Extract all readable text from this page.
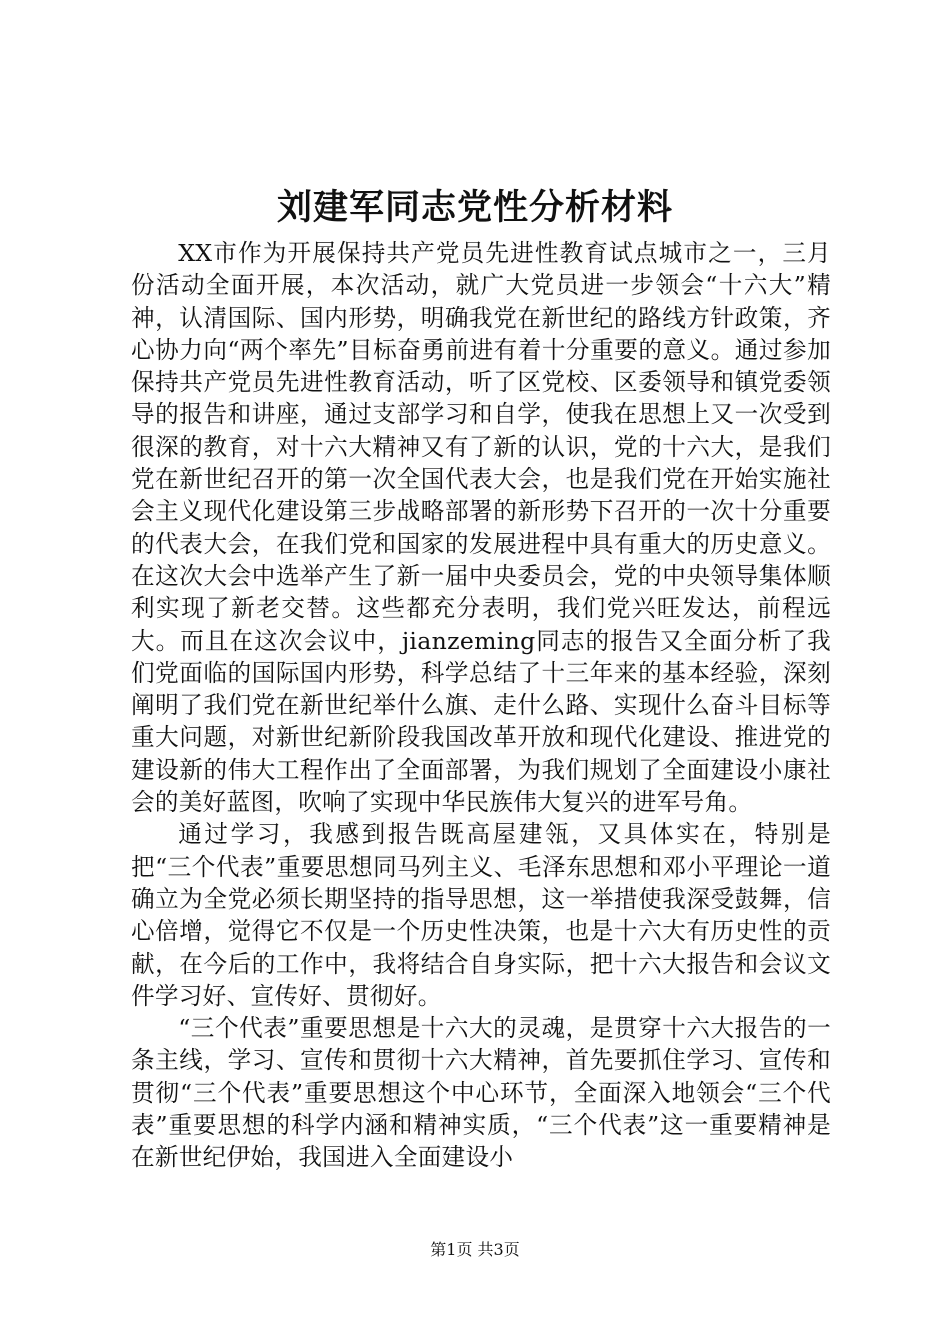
刘建军同志党性分析材料

XX市作为开展保持共产党员先进性教育试点城市之一，三月份活动全面开展，本次活动，就广大党员进一步领会“十六大”精神，认清国际、国内形势，明确我党在新世纪的路线方针政策，齐心协力向“两个率先”目标奋勇前进有着十分重要的意义。通过参加保持共产党员先进性教育活动，听了区党校、区委领导和镇党委领导的报告和讲座，通过支部学习和自学，使我在思想上又一次受到很深的教育，对十六大精神又有了新的认识，党的十六大，是我们党在新世纪召开的第一次全国代表大会，也是我们党在开始实施社会主义现代化建设第三步战略部署的新形势下召开的一次十分重要的代表大会，在我们党和国家的发展进程中具有重大的历史意义。在这次大会中选举产生了新一届中央委员会，党的中央领导集体顺利实现了新老交替。这些都充分表明，我们党兴旺发达，前程远大。而且在这次会议中，jianzeming同志的报告又全面分析了我们党面临的国际国内形势，科学总结了十三年来的基本经验，深刻阐明了我们党在新世纪举什么旗、走什么路、实现什么奋斗目标等重大问题，对新世纪新阶段我国改革开放和现代化建设、推进党的建设新的伟大工程作出了全面部署，为我们规划了全面建设小康社会的美好蓝图，吹响了实现中华民族伟大复兴的进军号角。

通过学习，我感到报告既高屋建瓴，又具体实在，特别是把“三个代表”重要思想同马列主义、毛泽东思想和邓小平理论一道确立为全党必须长期坚持的指导思想，这一举措使我深受鼓舞，信心倍增，觉得它不仅是一个历史性决策，也是十六大有历史性的贡献，在今后的工作中，我将结合自身实际，把十六大报告和会议文件学习好、宣传好、贯彻好。

“三个代表”重要思想是十六大的灵魂，是贯穿十六大报告的一条主线，学习、宣传和贯彻十六大精神，首先要抓住学习、宣传和贯彻“三个代表”重要思想这个中心环节，全面深入地领会“三个代表”重要思想的科学内涵和精神实质，“三个代表”这一重要精神是在新世纪伊始，我国进入全面建设小

第1页 共3页
